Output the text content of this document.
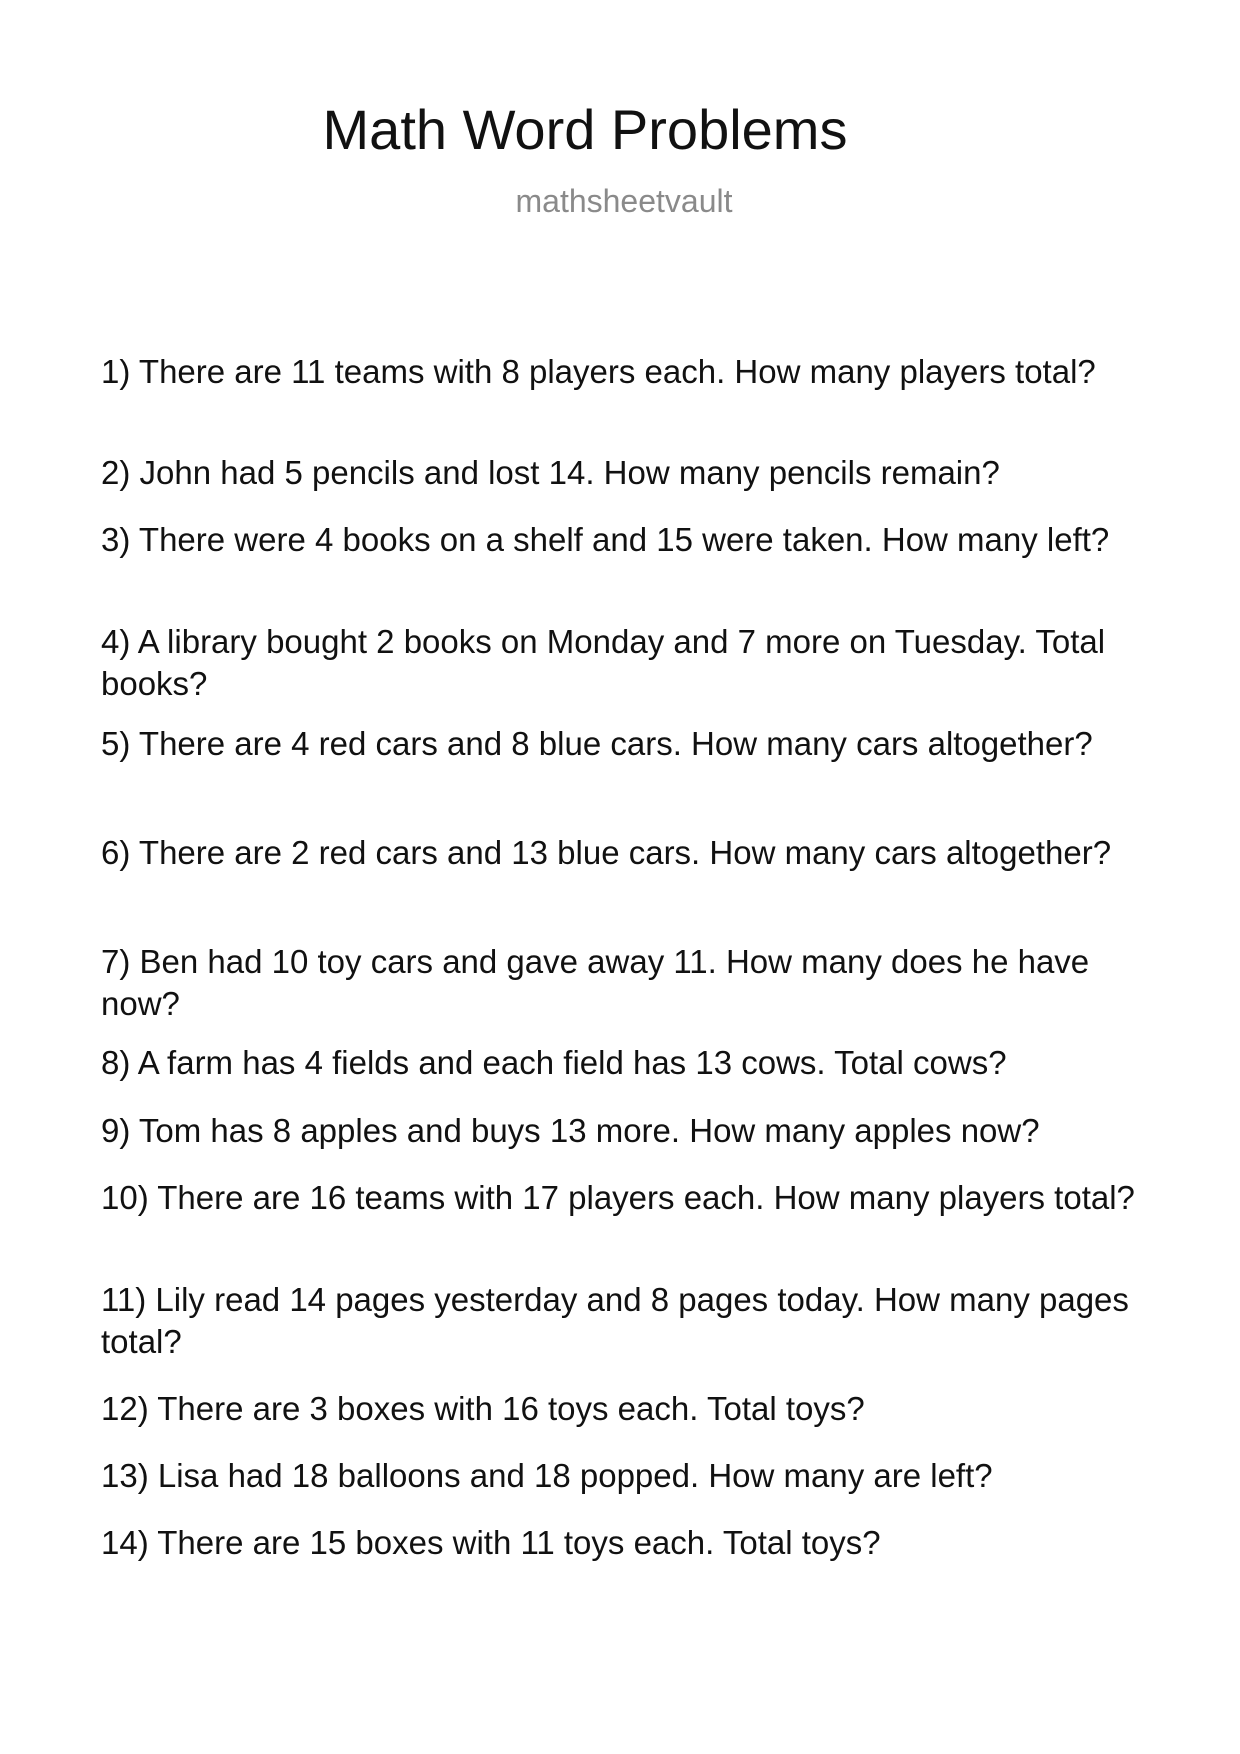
Math Word Problems
mathsheetvault
1) There are 11 teams with 8 players each. How many players total?
2) John had 5 pencils and lost 14. How many pencils remain?
3) There were 4 books on a shelf and 15 were taken. How many left?
4) A library bought 2 books on Monday and 7 more on Tuesday. Total books?
5) There are 4 red cars and 8 blue cars. How many cars altogether?
6) There are 2 red cars and 13 blue cars. How many cars altogether?
7) Ben had 10 toy cars and gave away 11. How many does he have now?
8) A farm has 4 fields and each field has 13 cows. Total cows?
9) Tom has 8 apples and buys 13 more. How many apples now?
10) There are 16 teams with 17 players each. How many players total?
11) Lily read 14 pages yesterday and 8 pages today. How many pages total?
12) There are 3 boxes with 16 toys each. Total toys?
13) Lisa had 18 balloons and 18 popped. How many are left?
14) There are 15 boxes with 11 toys each. Total toys?
